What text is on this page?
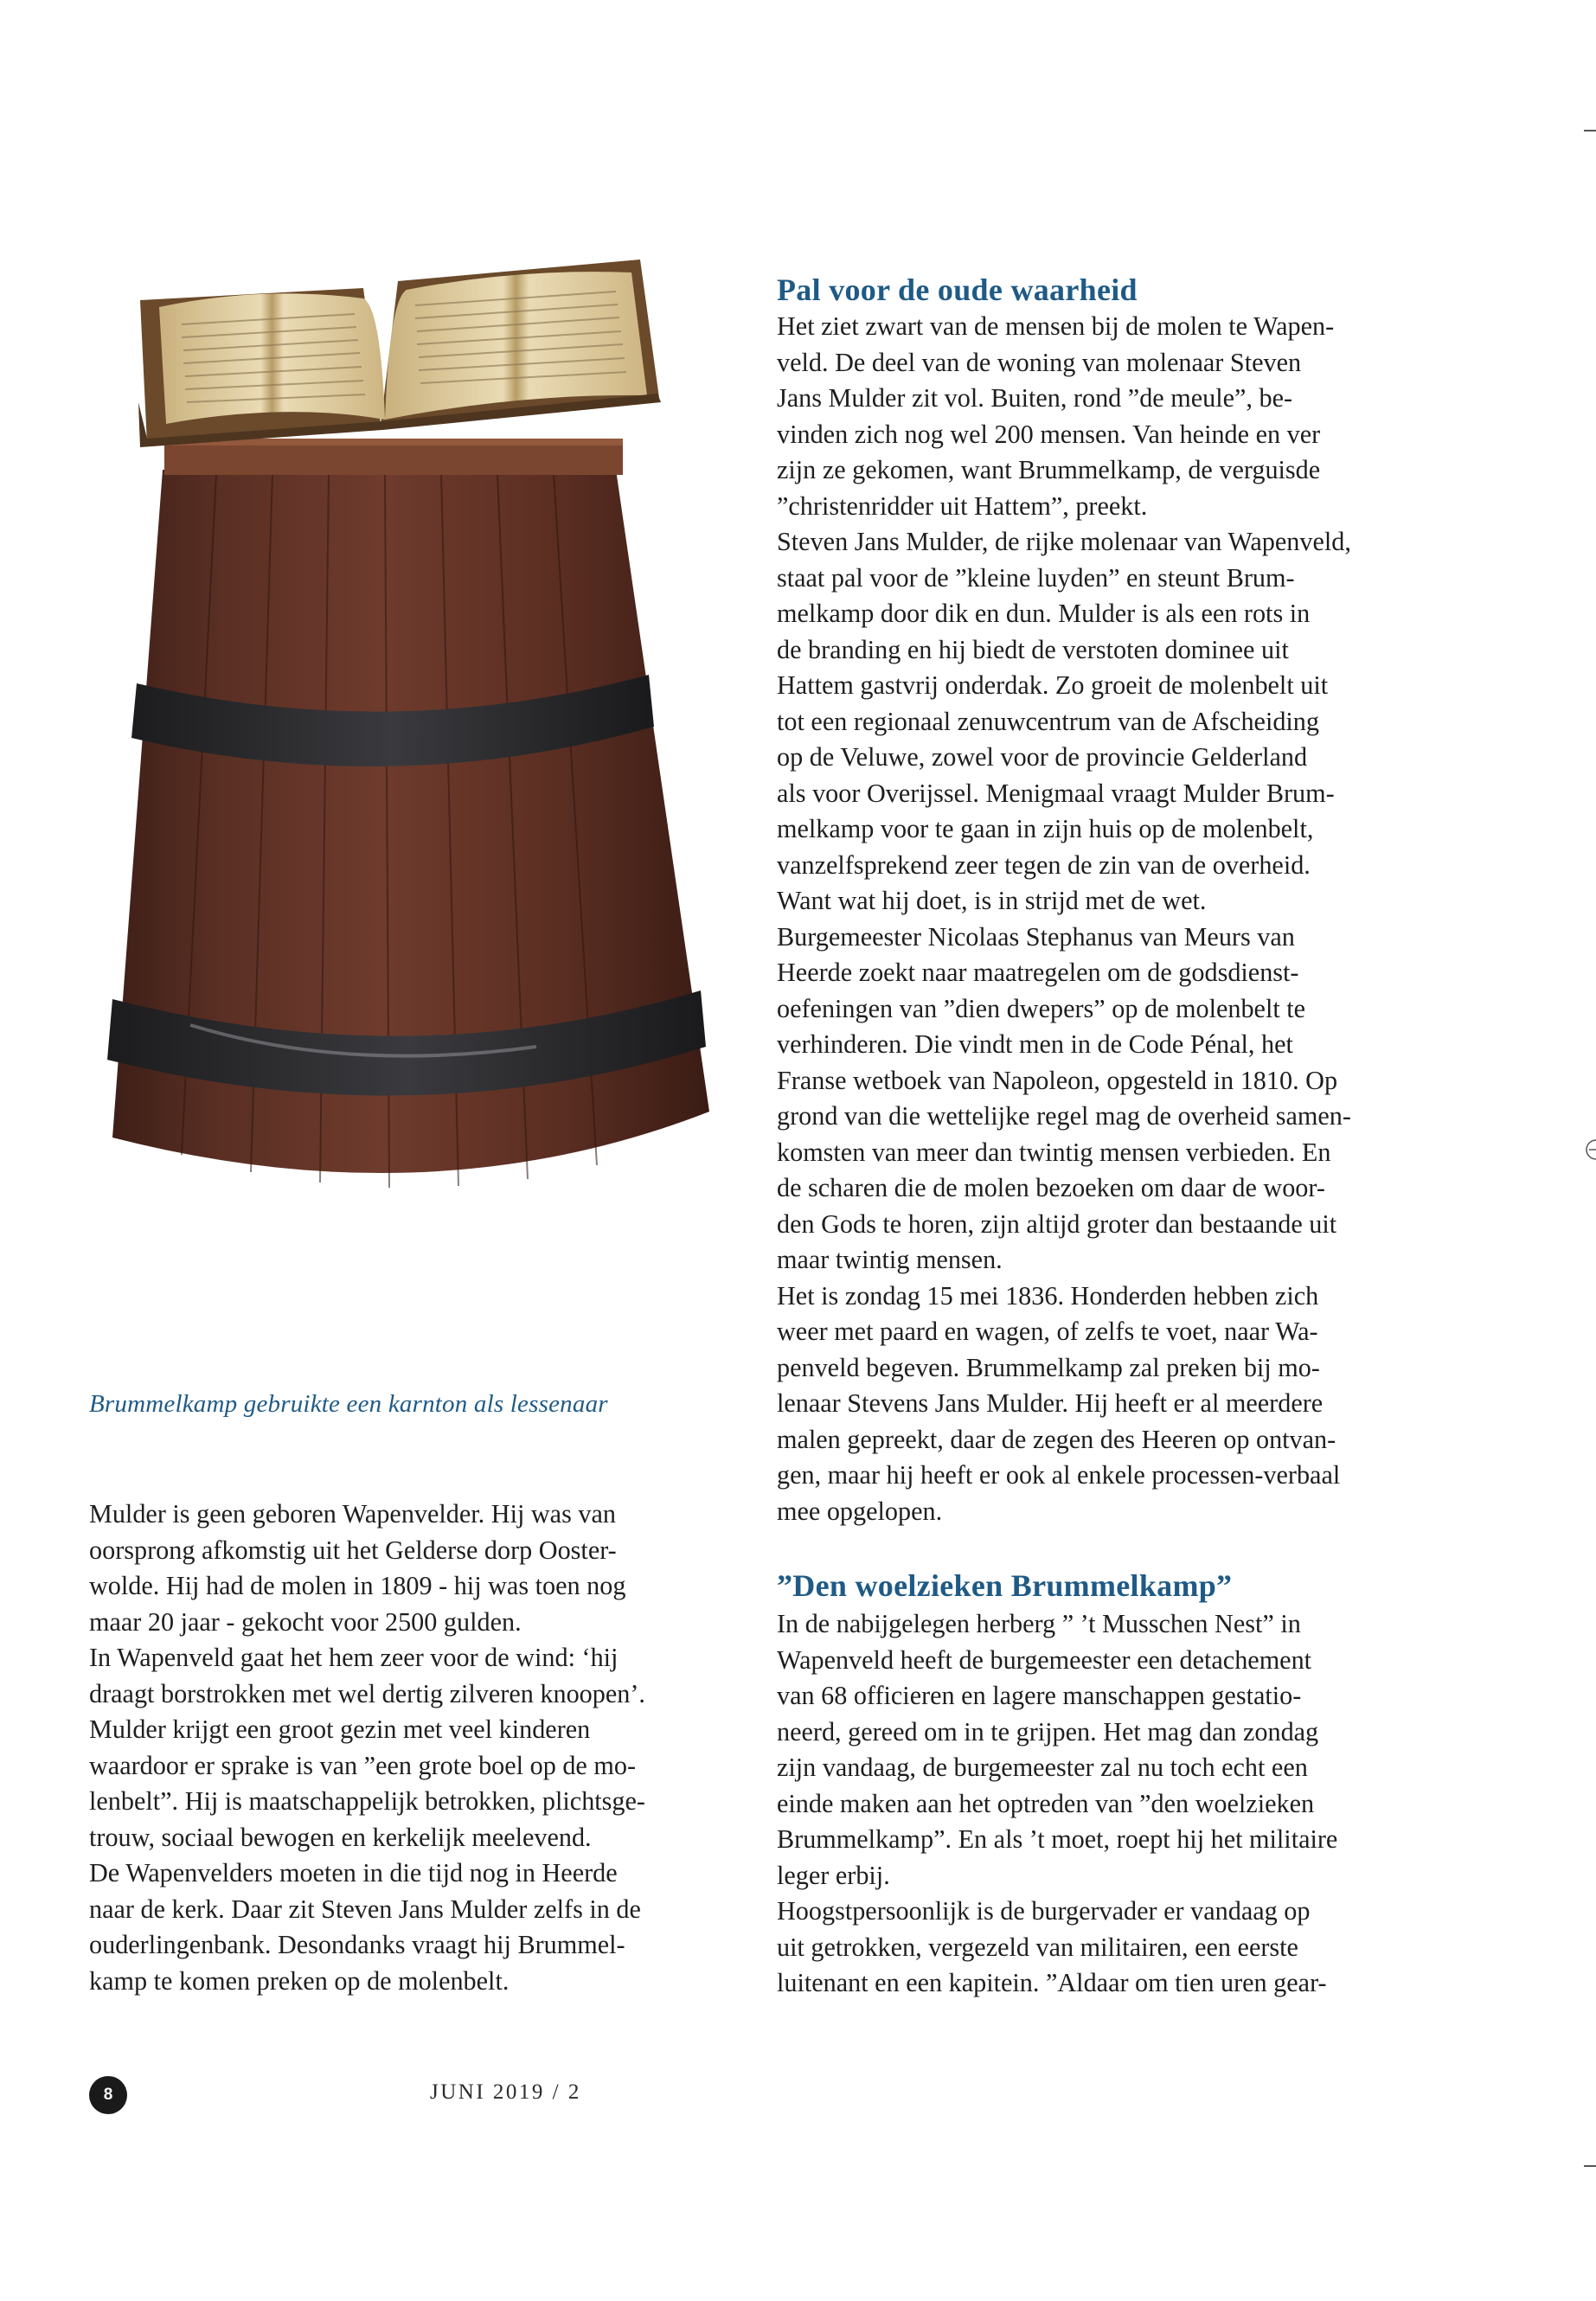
Brummelkamp gebruikte een karnton als lessenaar
Mulder is geen geboren Wapenvelder. Hij was van
oorsprong afkomstig uit het Gelderse dorp Ooster-
wolde. Hij had de molen in 1809 - hij was toen nog
maar 20 jaar - gekocht voor 2500 gulden.
In Wapenveld gaat het hem zeer voor de wind: ‘hij
draagt borstrokken met wel dertig zilveren knoopen’.
Mulder krijgt een groot gezin met veel kinderen
waardoor er sprake is van ”een grote boel op de mo-
lenbelt”. Hij is maatschappelijk betrokken, plichtsge-
trouw, sociaal bewogen en kerkelijk meelevend.
De Wapenvelders moeten in die tijd nog in Heerde
naar de kerk. Daar zit Steven Jans Mulder zelfs in de
ouderlingenbank. Desondanks vraagt hij Brummel-
kamp te komen preken op de molenbelt.
Pal voor de oude waarheid
Het ziet zwart van de mensen bij de molen te Wapen-
veld. De deel van de woning van molenaar Steven
Jans Mulder zit vol. Buiten, rond ”de meule”, be-
vinden zich nog wel 200 mensen. Van heinde en ver
zijn ze gekomen, want Brummelkamp, de verguisde
”christenridder uit Hattem”, preekt.
Steven Jans Mulder, de rijke molenaar van Wapenveld,
staat pal voor de ”kleine luyden” en steunt Brum-
melkamp door dik en dun. Mulder is als een rots in
de branding en hij biedt de verstoten dominee uit
Hattem gastvrij onderdak. Zo groeit de molenbelt uit
tot een regionaal zenuwcentrum van de Afscheiding
op de Veluwe, zowel voor de provincie Gelderland
als voor Overijssel. Menigmaal vraagt Mulder Brum-
melkamp voor te gaan in zijn huis op de molenbelt,
vanzelfsprekend zeer tegen de zin van de overheid.
Want wat hij doet, is in strijd met de wet.
Burgemeester Nicolaas Stephanus van Meurs van
Heerde zoekt naar maatregelen om de godsdienst-
oefeningen van ”dien dwepers” op de molenbelt te
verhinderen. Die vindt men in de Code Pénal, het
Franse wetboek van Napoleon, opgesteld in 1810. Op
grond van die wettelijke regel mag de overheid samen-
komsten van meer dan twintig mensen verbieden. En
de scharen die de molen bezoeken om daar de woor-
den Gods te horen, zijn altijd groter dan bestaande uit
maar twintig mensen.
Het is zondag 15 mei 1836. Honderden hebben zich
weer met paard en wagen, of zelfs te voet, naar Wa-
penveld begeven. Brummelkamp zal preken bij mo-
lenaar Stevens Jans Mulder. Hij heeft er al meerdere
malen gepreekt, daar de zegen des Heeren op ontvan-
gen, maar hij heeft er ook al enkele processen-verbaal
mee opgelopen.
”Den woelzieken Brummelkamp”
In de nabijgelegen herberg ” ’t Musschen Nest” in
Wapenveld heeft de burgemeester een detachement
van 68 officieren en lagere manschappen gestatio-
neerd, gereed om in te grijpen. Het mag dan zondag
zijn vandaag, de burgemeester zal nu toch echt een
einde maken aan het optreden van ”den woelzieken
Brummelkamp”. En als ’t moet, roept hij het militaire
leger erbij.
Hoogstpersoonlijk is de burgervader er vandaag op
uit getrokken, vergezeld van militairen, een eerste
luitenant en een kapitein. ”Aldaar om tien uren gear-
8	JUNI 2019 / 2
